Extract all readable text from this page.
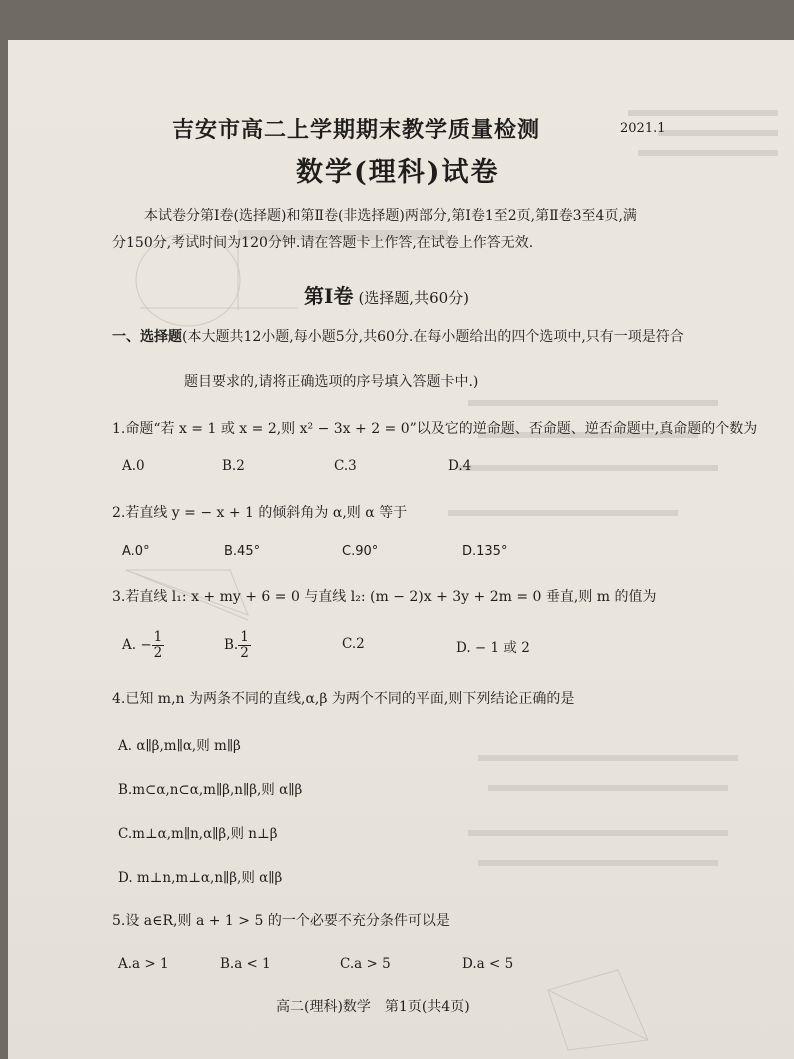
吉安市高二上学期期末教学质量检测	2021.1
数学(理科)试卷
本试卷分第Ⅰ卷(选择题)和第Ⅱ卷(非选择题)两部分,第Ⅰ卷1至2页,第Ⅱ卷3至4页,满
分150分,考试时间为120分钟.请在答题卡上作答,在试卷上作答无效.
第Ⅰ卷 (选择题,共60分)
一、选择题(本大题共12小题,每小题5分,共60分.在每小题给出的四个选项中,只有一项是符合
题目要求的,请将正确选项的序号填入答题卡中.)
1.命题“若 x = 1 或 x = 2,则 x² − 3x + 2 = 0”以及它的逆命题、否命题、逆否命题中,真命题的个数为
A.0	B.2	C.3	D.4
2.若直线 y = − x + 1 的倾斜角为 α,则 α 等于
A.0°	B.45°	C.90°	D.135°
3.若直线 l₁: x + my + 6 = 0 与直线 l₂: (m − 2)x + 3y + 2m = 0 垂直,则 m 的值为
A. − $\frac{1}{2}$	B. $\frac{1}{2}$	C.2	D. − 1 或 2
4.已知 m,n 为两条不同的直线,α,β 为两个不同的平面,则下列结论正确的是
A. α∥β,m∥α,则 m∥β
B.m⊂α,n⊂α,m∥β,n∥β,则 α∥β
C.m⊥α,m∥n,α∥β,则 n⊥β
D. m⊥n,m⊥α,n∥β,则 α∥β
5.设 a∈R,则 a + 1 > 5 的一个必要不充分条件可以是
A.a > 1	B.a < 1	C.a > 5	D.a < 5
高二(理科)数学　第1页(共4页)
